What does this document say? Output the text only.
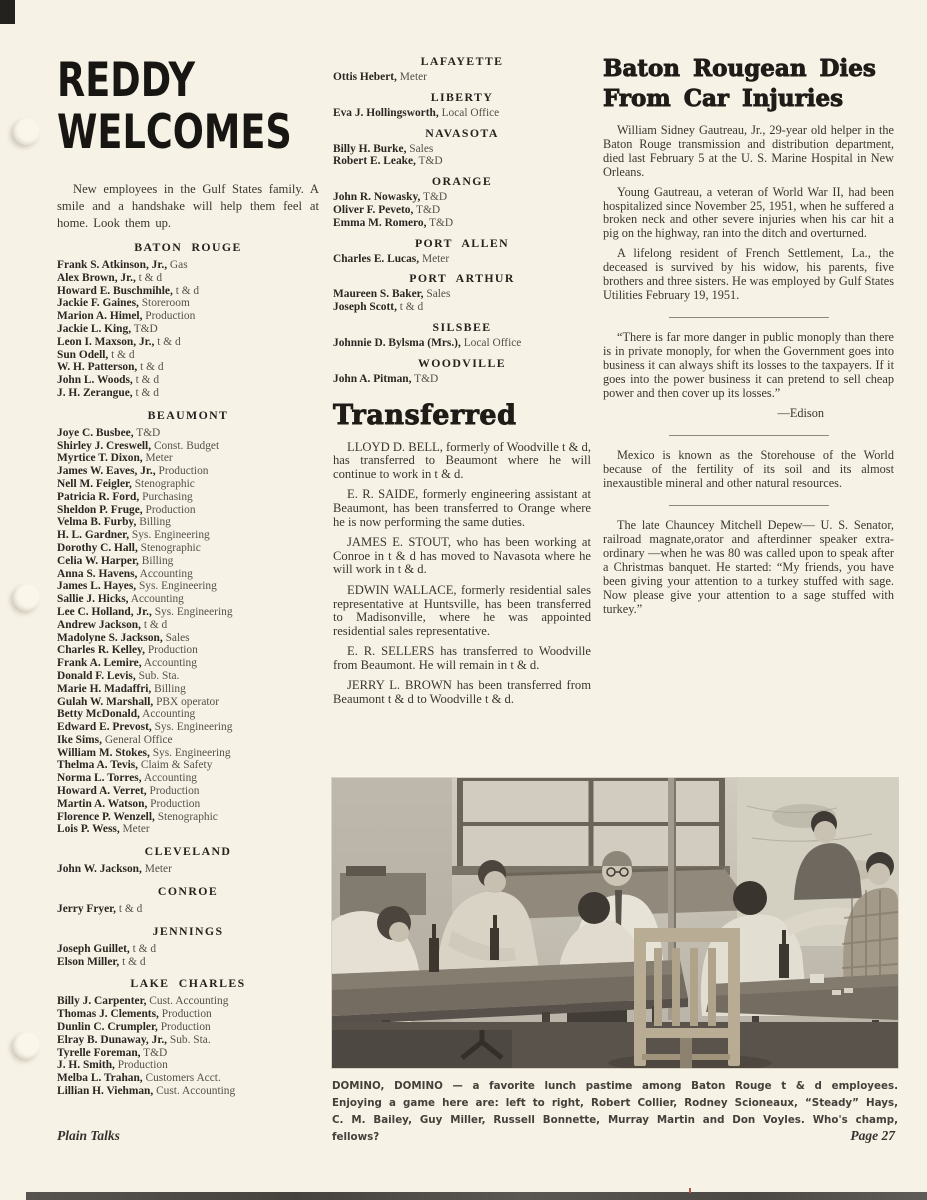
REDDY
WELCOMES

New employees in the Gulf States family. A smile and a handshake will help them feel at home. Look them up.

BATON ROUGE

Frank S. Atkinson, Jr., Gas

Alex Brown, Jr., t & d

Howard E. Buschmihle, t & d

Jackie F. Gaines, Storeroom

Marion A. Himel, Production

Jackie L. King, T&D

Leon I. Maxson, Jr., t & d

Sun Odell, t & d

W. H. Patterson, t & d

John L. Woods, t & d

J. H. Zerangue, t & d

BEAUMONT

Joye C. Busbee, T&D

Shirley J. Creswell, Const. Budget

Myrtice T. Dixon, Meter

James W. Eaves, Jr., Production

Nell M. Feigler, Stenographic

Patricia R. Ford, Purchasing

Sheldon P. Fruge, Production

Velma B. Furby, Billing

H. L. Gardner, Sys. Engineering

Dorothy C. Hall, Stenographic

Celia W. Harper, Billing

Anna S. Havens, Accounting

James L. Hayes, Sys. Engineering

Sallie J. Hicks, Accounting

Lee C. Holland, Jr., Sys. Engineering

Andrew Jackson, t & d

Madolyne S. Jackson, Sales

Charles R. Kelley, Production

Frank A. Lemire, Accounting

Donald F. Levis, Sub. Sta.

Marie H. Madaffri, Billing

Gulah W. Marshall, PBX operator

Betty McDonald, Accounting

Edward E. Prevost, Sys. Engineering

Ike Sims, General Office

William M. Stokes, Sys. Engineering

Thelma A. Tevis, Claim & Safety

Norma L. Torres, Accounting

Howard A. Verret, Production

Martin A. Watson, Production

Florence P. Wenzell, Stenographic

Lois P. Wess, Meter

CLEVELAND

John W. Jackson, Meter

CONROE

Jerry Fryer, t & d

JENNINGS

Joseph Guillet, t & d

Elson Miller, t & d

LAKE CHARLES

Billy J. Carpenter, Cust. Accounting

Thomas J. Clements, Production

Dunlin C. Crumpler, Production

Elray B. Dunaway, Jr., Sub. Sta.

Tyrelle Foreman, T&D

J. H. Smith, Production

Melba L. Trahan, Customers Acct.

Lillian H. Viehman, Cust. Accounting

LAFAYETTE

Ottis Hebert, Meter

LIBERTY

Eva J. Hollingsworth, Local Office

NAVASOTA

Billy H. Burke, Sales

Robert E. Leake, T&D

ORANGE

John R. Nowasky, T&D

Oliver F. Peveto, T&D

Emma M. Romero, T&D

PORT ALLEN

Charles E. Lucas, Meter

PORT ARTHUR

Maureen S. Baker, Sales

Joseph Scott, t & d

SILSBEE

Johnnie D. Bylsma (Mrs.), Local Office

WOODVILLE

John A. Pitman, T&D

Transferred

LLOYD D. BELL, formerly of Woodville t & d, has transferred to Beaumont where he will continue to work in t & d.

E. R. SAIDE, formerly engineering assistant at Beaumont, has been transferred to Orange where he is now performing the same duties.

JAMES E. STOUT, who has been working at Conroe in t & d has moved to Navasota where he will work in t & d.

EDWIN WALLACE, formerly residential sales representative at Huntsville, has been transferred to Madisonville, where he was appointed residential sales representative.

E. R. SELLERS has transferred to Woodville from Beaumont. He will remain in t & d.

JERRY L. BROWN has been transferred from Beaumont t & d to Woodville t & d.

Baton Rougean Dies
From Car Injuries

William Sidney Gautreau, Jr., 29-year old helper in the Baton Rouge transmission and distribution department, died last February 5 at the U. S. Marine Hospital in New Orleans.

Young Gautreau, a veteran of World War II, had been hospitalized since November 25, 1951, when he suffered a broken neck and other severe injuries when his car hit a pig on the highway, ran into the ditch and overturned.

A lifelong resident of French Settlement, La., the deceased is survived by his widow, his parents, five brothers and three sisters. He was employed by Gulf States Utilities February 19, 1951.

“There is far more danger in public monoply than there is in private monoply, for when the Government goes into business it can always shift its losses to the taxpayers. If it goes into the power business it can pretend to sell cheap power and then cover up its losses.”

—Edison

Mexico is known as the Storehouse of the World because of the fertility of its soil and its almost inexaustible mineral and other natural resources.

The late Chauncey Mitchell Depew— U. S. Senator, railroad magnate,orator and afterdinner speaker extra-ordinary —when he was 80 was called upon to speak after a Christmas banquet. He started: “My friends, you have been giving your attention to a turkey stuffed with sage. Now please give your attention to a sage stuffed with turkey.”

DOMINO, DOMINO — a favorite lunch pastime among Baton Rouge t & d employees. Enjoying a game here are: left to right, Robert Collier, Rodney Scioneaux, “Steady” Hays, C. M. Bailey, Guy Miller, Russell Bonnette, Murray Martin and Don Voyles. Who's champ, fellows?
Plain Talks	Page 27
